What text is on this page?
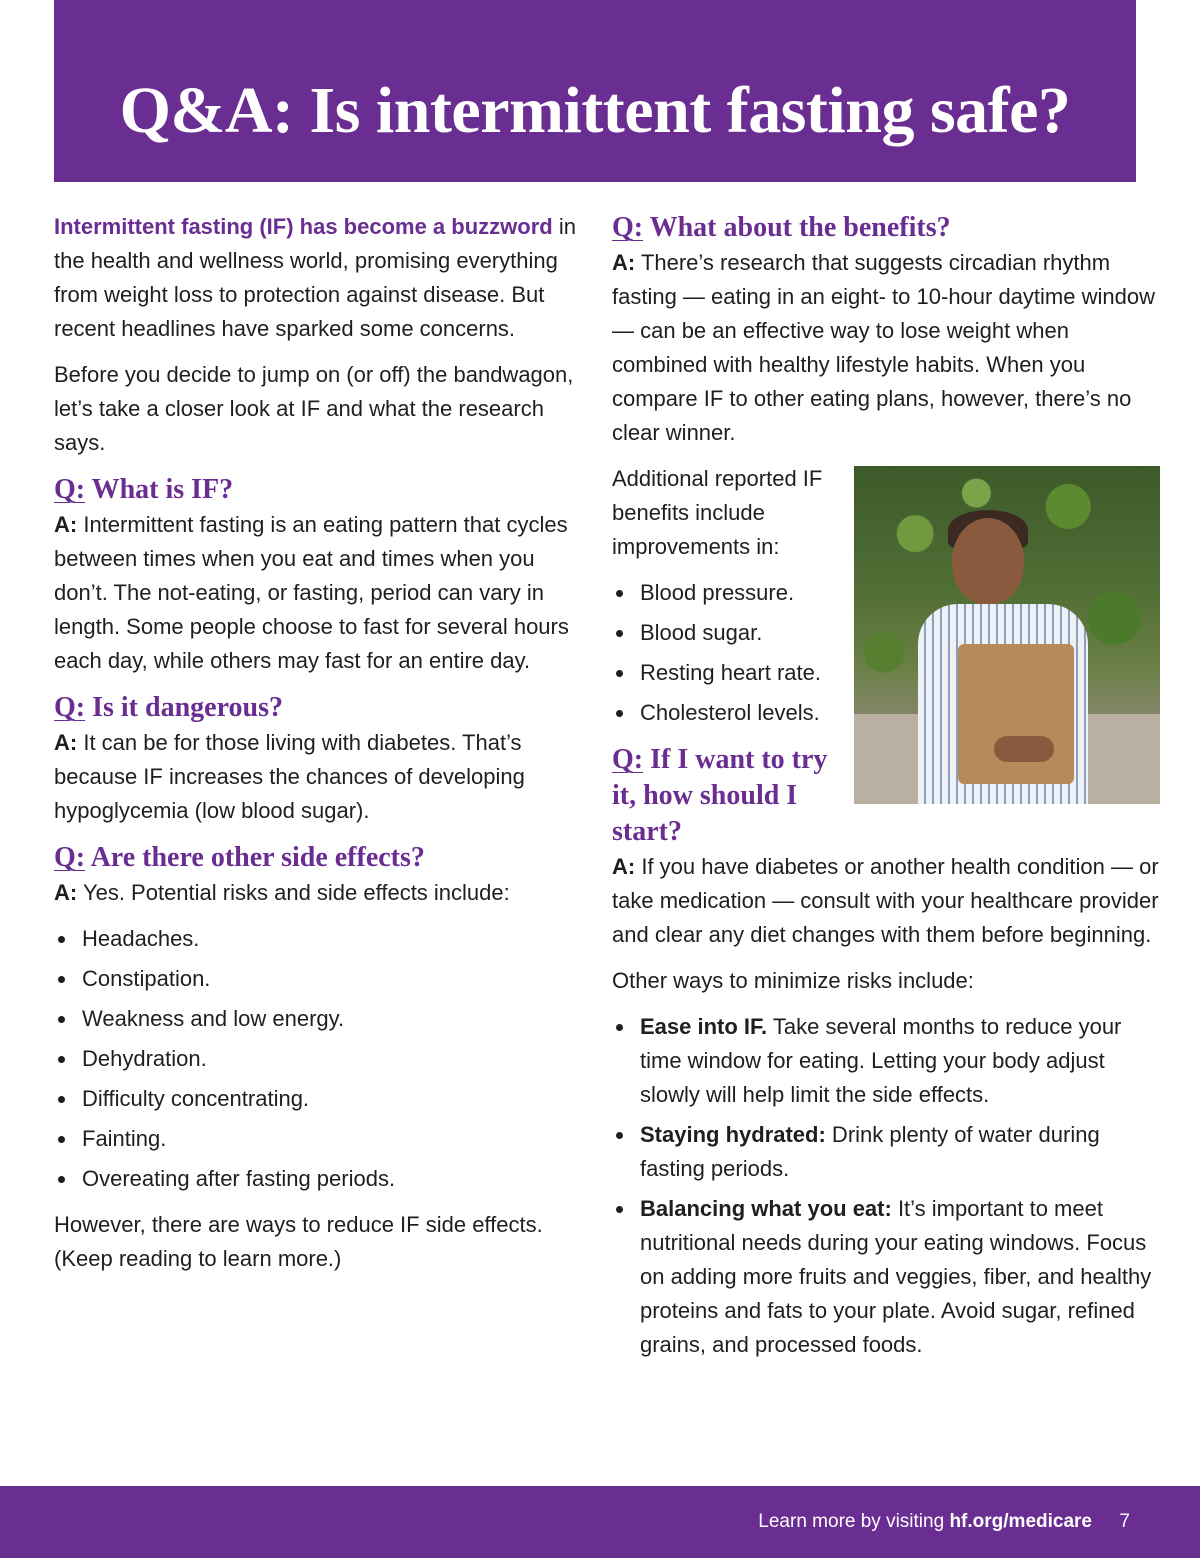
Q&A: Is intermittent fasting safe?

Intermittent fasting (IF) has become a buzzword in the health and wellness world, promising everything from weight loss to protection against disease. But recent headlines have sparked some concerns.

Before you decide to jump on (or off) the bandwagon, let’s take a closer look at IF and what the research says.

Q: What is IF?

A: Intermittent fasting is an eating pattern that cycles between times when you eat and times when you don’t. The not-eating, or fasting, period can vary in length. Some people choose to fast for several hours each day, while others may fast for an entire day.

Q: Is it dangerous?

A: It can be for those living with diabetes. That’s because IF increases the chances of developing hypoglycemia (low blood sugar).

Q: Are there other side effects?

A: Yes. Potential risks and side effects include:

Headaches.
Constipation.
Weakness and low energy.
Dehydration.
Difficulty concentrating.
Fainting.
Overeating after fasting periods.

However, there are ways to reduce IF side effects. (Keep reading to learn more.)

Q: What about the benefits?

A: There’s research that suggests circadian rhythm fasting — eating in an eight- to 10-hour daytime window — can be an effective way to lose weight when combined with healthy lifestyle habits. When you compare IF to other eating plans, however, there’s no clear winner.

Additional reported IF benefits include improvements in:

Blood pressure.
Blood sugar.
Resting heart rate.
Cholesterol levels.
Q: If I want to try it, how should I start?

A: If you have diabetes or another health condition — or take medication — consult with your healthcare provider and clear any diet changes with them before beginning.

Other ways to minimize risks include:

Ease into IF. Take several months to reduce your time window for eating. Letting your body adjust slowly will help limit the side effects.
Staying hydrated: Drink plenty of water during fasting periods.
Balancing what you eat: It’s important to meet nutritional needs during your eating windows. Focus on adding more fruits and veggies, fiber, and healthy proteins and fats to your plate. Avoid sugar, refined grains, and processed foods.
Learn more by visiting hf.org/medicare 7
